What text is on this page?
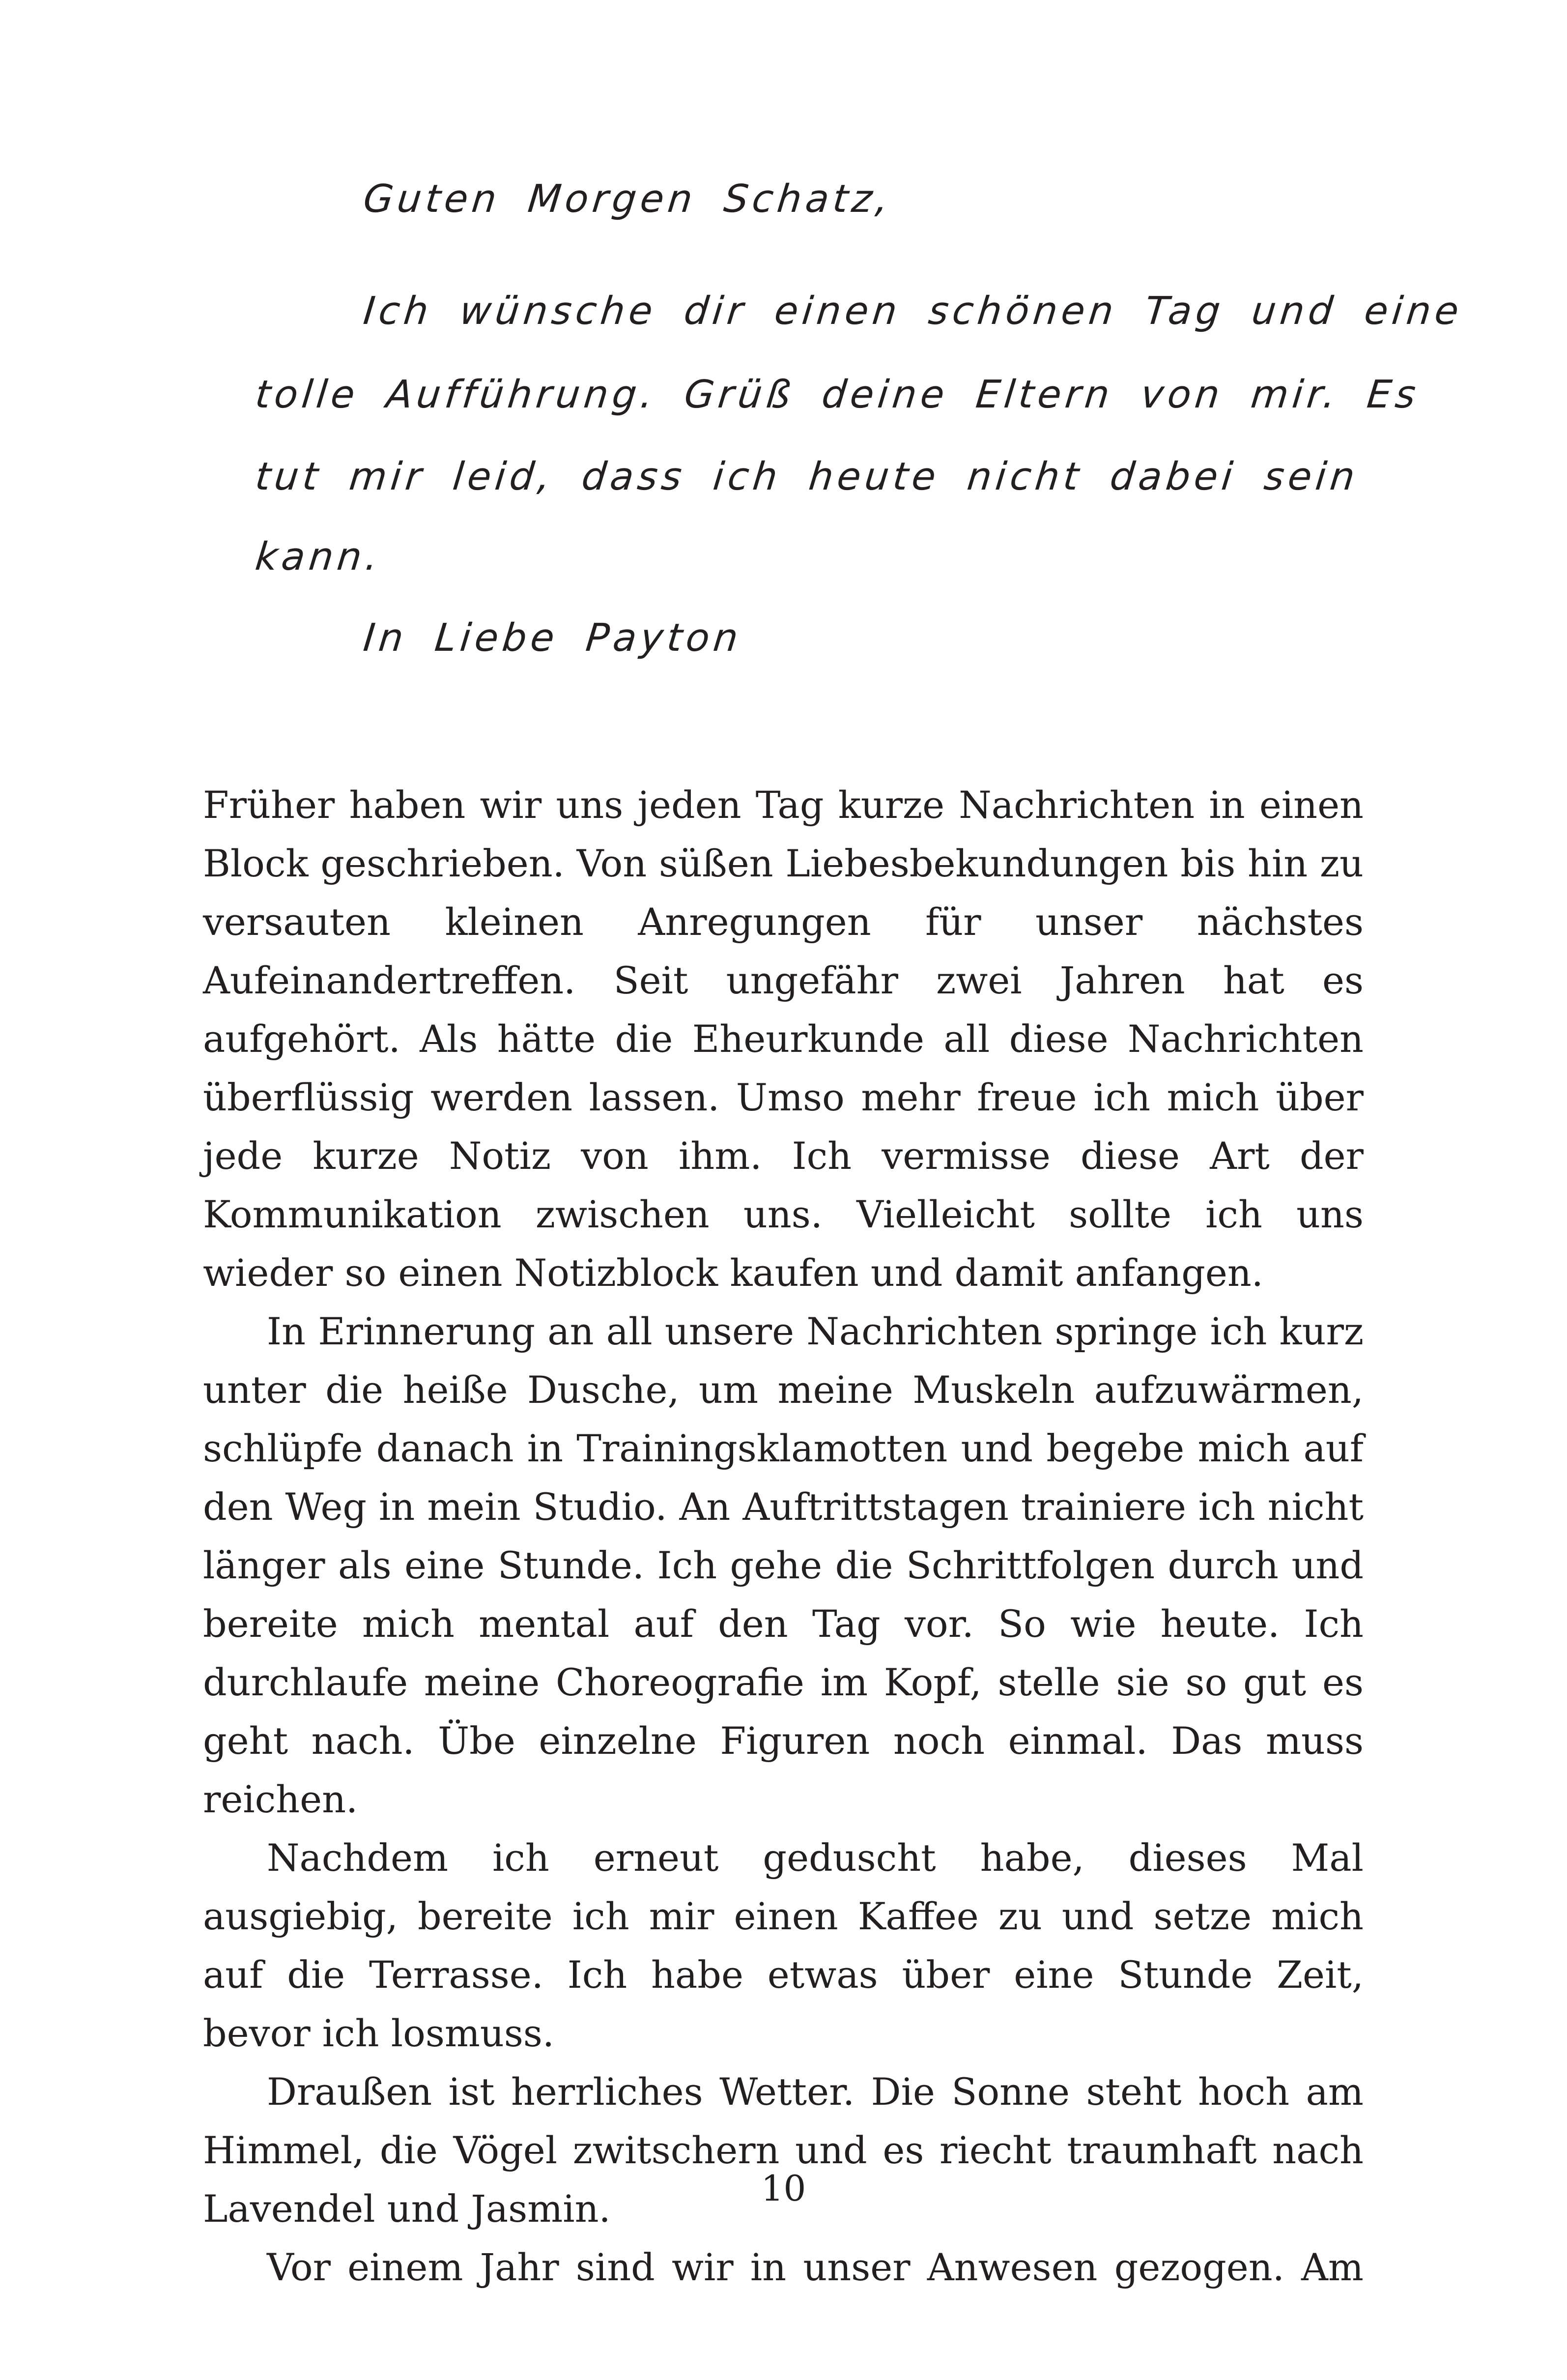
Guten Morgen Schatz,
Ich wünsche dir einen schönen Tag und eine
tolle Aufführung. Grüß deine Eltern von mir. Es
tut mir leid, dass ich heute nicht dabei sein
kann.
In Liebe Payton

Früher haben wir uns jeden Tag kurze Nachrichten in einen Block geschrieben. Von süßen Liebesbekundungen bis hin zu versauten kleinen Anregungen für unser nächstes Aufeinandertreffen. Seit ungefähr zwei Jahren hat es aufgehört. Als hätte die Eheurkunde all diese Nachrichten überflüssig werden lassen. Umso mehr freue ich mich über jede kurze Notiz von ihm. Ich vermisse diese Art der Kommunikation zwischen uns. Vielleicht sollte ich uns wieder so einen Notizblock kaufen und damit anfangen.

In Erinnerung an all unsere Nachrichten springe ich kurz unter die heiße Dusche, um meine Muskeln aufzuwärmen, schlüpfe danach in Trainingsklamotten und begebe mich auf den Weg in mein Studio. An Auftrittstagen trainiere ich nicht länger als eine Stunde. Ich gehe die Schrittfolgen durch und bereite mich mental auf den Tag vor. So wie heute. Ich durchlaufe meine Choreografie im Kopf, stelle sie so gut es geht nach. Übe einzelne Figuren noch einmal. Das muss reichen.

Nachdem ich erneut geduscht habe, dieses Mal ausgiebig, bereite ich mir einen Kaffee zu und setze mich auf die Terrasse. Ich habe etwas über eine Stunde Zeit, bevor ich losmuss.

Draußen ist herrliches Wetter. Die Sonne steht hoch am Himmel, die Vögel zwitschern und es riecht traumhaft nach Lavendel und Jasmin.

Vor einem Jahr sind wir in unser Anwesen gezogen. Am

10
